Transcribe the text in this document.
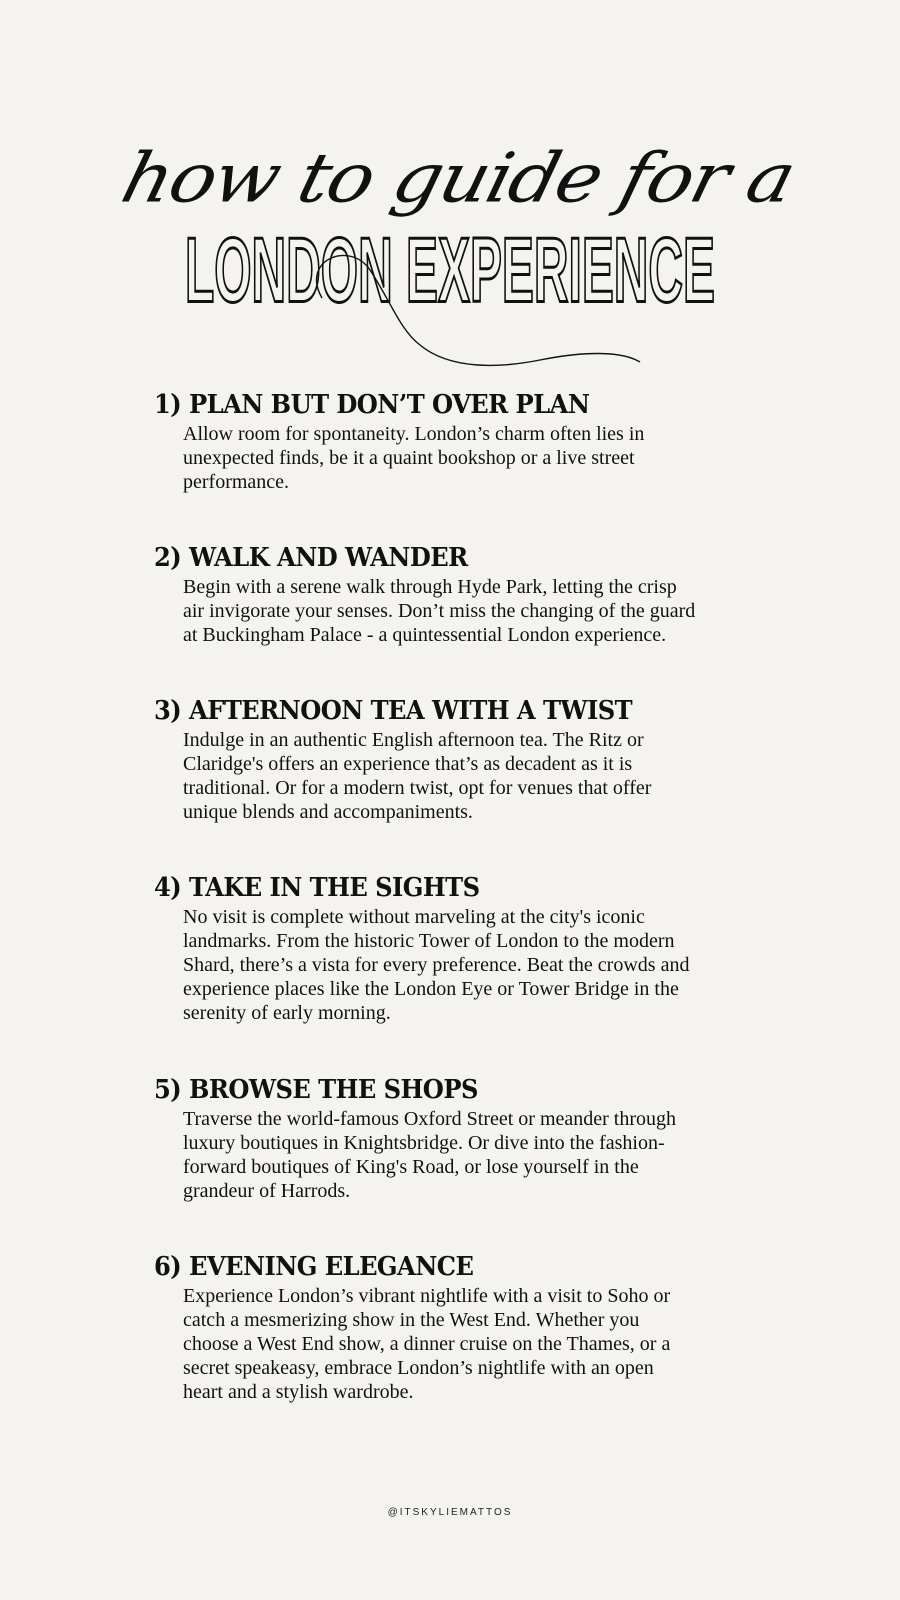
how to guide for a
LONDON EXPERIENCE
1) PLAN BUT DON’T OVER PLAN

Allow room for spontaneity. London’s charm often lies in
unexpected finds, be it a quaint bookshop or a live street
performance.

2) WALK AND WANDER

Begin with a serene walk through Hyde Park, letting the crisp
air invigorate your senses. Don’t miss the changing of the guard
at Buckingham Palace - a quintessential London experience.

3) AFTERNOON TEA WITH A TWIST

Indulge in an authentic English afternoon tea. The Ritz or
Claridge's offers an experience that’s as decadent as it is
traditional. Or for a modern twist, opt for venues that offer
unique blends and accompaniments.

4) TAKE IN THE SIGHTS

No visit is complete without marveling at the city's iconic
landmarks. From the historic Tower of London to the modern
Shard, there’s a vista for every preference. Beat the crowds and
experience places like the London Eye or Tower Bridge in the
serenity of early morning.

5) BROWSE THE SHOPS

Traverse the world-famous Oxford Street or meander through
luxury boutiques in Knightsbridge. Or dive into the fashion-
forward boutiques of King's Road, or lose yourself in the
grandeur of Harrods.

6) EVENING ELEGANCE

Experience London’s vibrant nightlife with a visit to Soho or
catch a mesmerizing show in the West End. Whether you
choose a West End show, a dinner cruise on the Thames, or a
secret speakeasy, embrace London’s nightlife with an open
heart and a stylish wardrobe.

@ITSKYLIEMATTOS
